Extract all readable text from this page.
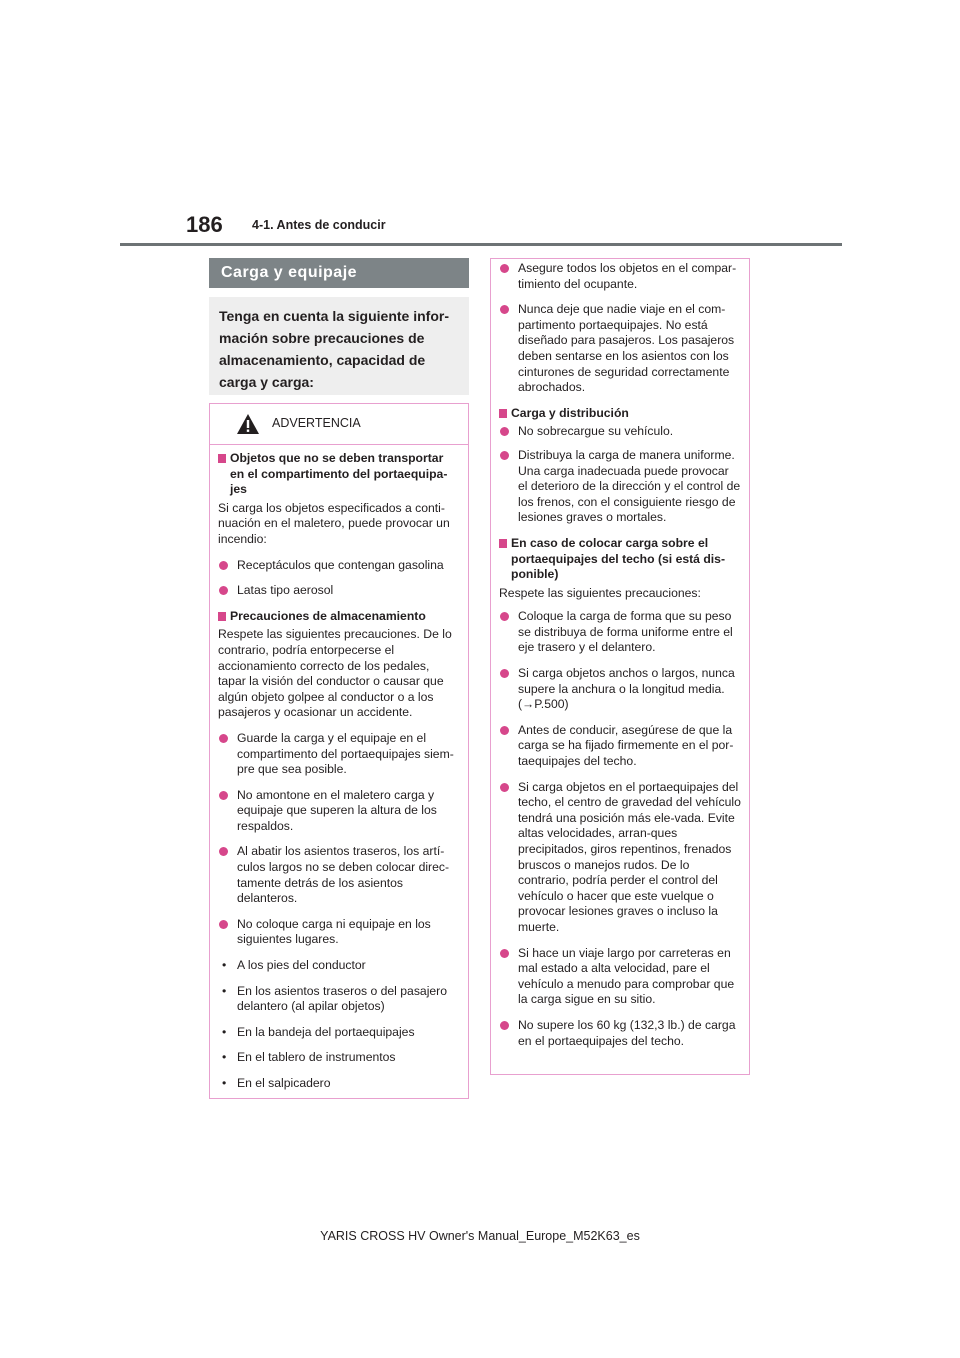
186 4-1. Antes de conducir
Carga y equipaje
Tenga en cuenta la siguiente infor-
mación sobre precauciones de
almacenamiento, capacidad de
carga y carga:
ADVERTENCIA
Objetos que no se deben transportar en el compartimento del portaequipa-jes
Si carga los objetos especificados a conti-nuación en el maletero, puede provocar un incendio:
Receptáculos que contengan gasolina
Latas tipo aerosol
Precauciones de almacenamiento
Respete las siguientes precauciones. De lo contrario, podría entorpecerse el accionamiento correcto de los pedales, tapar la visión del conductor o causar que algún objeto golpee al conductor o a los pasajeros y ocasionar un accidente.
Guarde la carga y el equipaje en el compartimento del portaequipajes siem-pre que sea posible.
No amontone en el maletero carga y equipaje que superen la altura de los respaldos.
Al abatir los asientos traseros, los artí-culos largos no se deben colocar direc-tamente detrás de los asientos delanteros.
No coloque carga ni equipaje en los siguientes lugares.
• A los pies del conductor
• En los asientos traseros o del pasajero delantero (al apilar objetos)
• En la bandeja del portaequipajes
• En el tablero de instrumentos
• En el salpicadero
Asegure todos los objetos en el compar-timiento del ocupante.
Nunca deje que nadie viaje en el com-partimento portaequipajes. No está diseñado para pasajeros. Los pasajeros deben sentarse en los asientos con los cinturones de seguridad correctamente abrochados.
Carga y distribución
No sobrecargue su vehículo.
Distribuya la carga de manera uniforme. Una carga inadecuada puede provocar el deterioro de la dirección y el control de los frenos, con el consiguiente riesgo de lesiones graves o mortales.
En caso de colocar carga sobre el portaequipajes del techo (si está dis-ponible)
Respete las siguientes precauciones:
Coloque la carga de forma que su peso se distribuya de forma uniforme entre el eje trasero y el delantero.
Si carga objetos anchos o largos, nunca supere la anchura o la longitud media. (→P.500)
Antes de conducir, asegúrese de que la carga se ha fijado firmemente en el por-taequipajes del techo.
Si carga objetos en el portaequipajes del techo, el centro de gravedad del vehículo tendrá una posición más ele-vada. Evite altas velocidades, arran-ques precipitados, giros repentinos, frenados bruscos o manejos rudos. De lo contrario, podría perder el control del vehículo o hacer que este vuelque o provocar lesiones graves o incluso la muerte.
Si hace un viaje largo por carreteras en mal estado a alta velocidad, pare el vehículo a menudo para comprobar que la carga sigue en su sitio.
No supere los 60 kg (132,3 lb.) de carga en el portaequipajes del techo.
YARIS CROSS HV Owner's Manual_Europe_M52K63_es
